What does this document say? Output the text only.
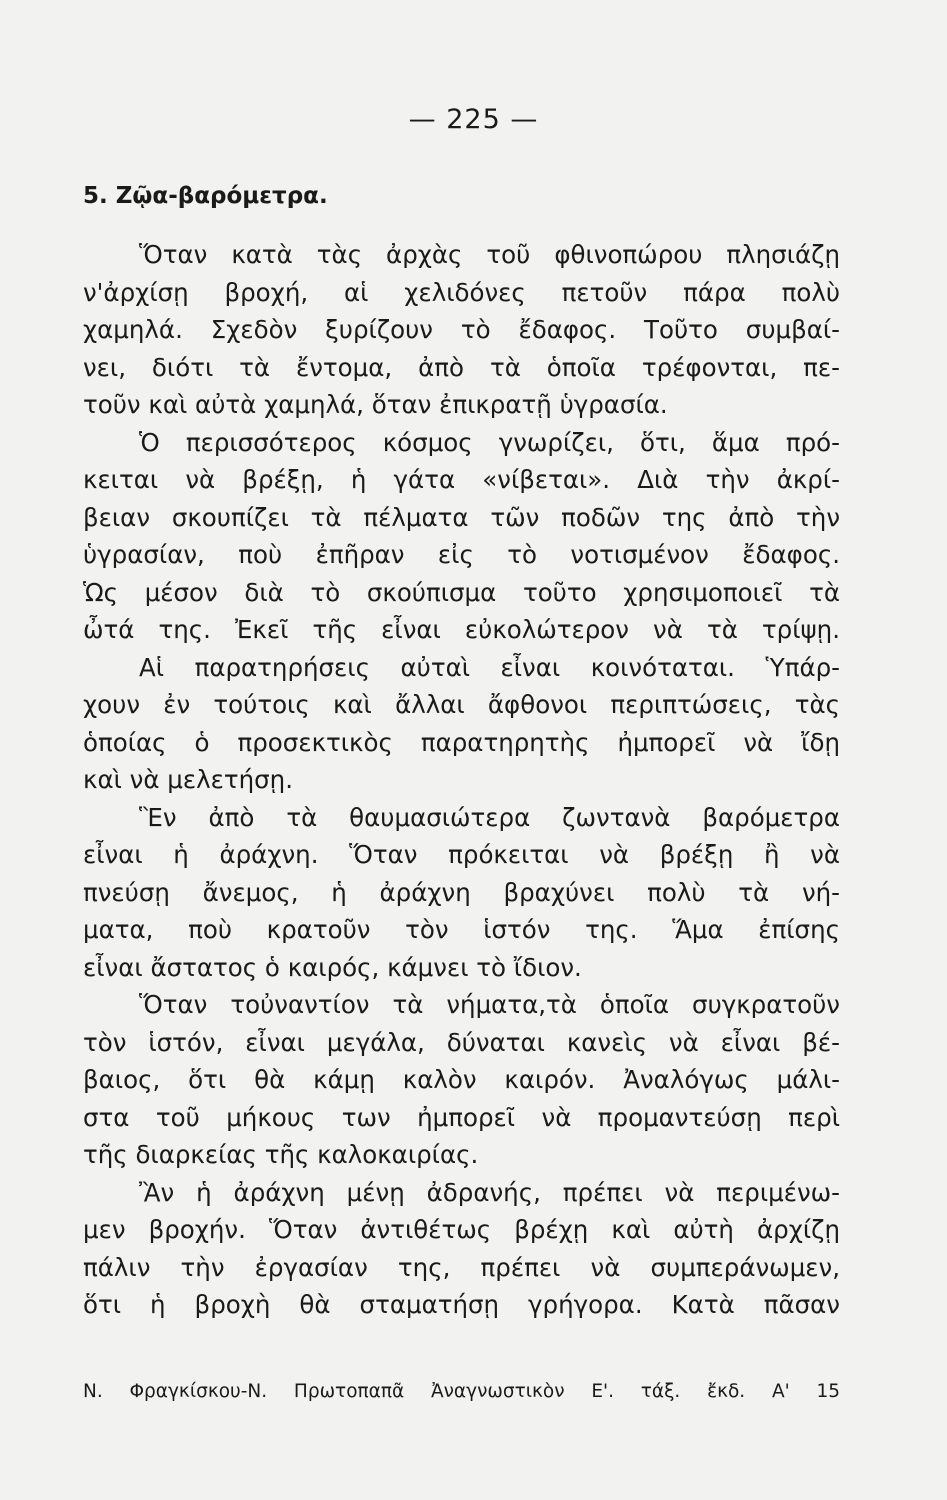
— 225 —
5. Ζῷα-βαρόμετρα.
Ὅταν κατὰ τὰς ἀρχὰς τοῦ φθινοπώρου πλησιάζῃ
ν'ἀρχίσῃ βροχή, αἱ χελιδόνες πετοῦν πάρα πολὺ
χαμηλά. Σχεδὸν ξυρίζουν τὸ ἔδαφος. Τοῦτο συμβαί-
νει, διότι τὰ ἔντομα, ἀπὸ τὰ ὁποῖα τρέφονται, πε-
τοῦν καὶ αὐτὰ χαμηλά, ὅταν ἐπικρατῇ ὑγρασία.
Ὁ περισσότερος κόσμος γνωρίζει, ὅτι, ἅμα πρό-
κειται νὰ βρέξῃ, ἡ γάτα «νίβεται». Διὰ τὴν ἀκρί-
βειαν σκουπίζει τὰ πέλματα τῶν ποδῶν της ἀπὸ τὴν
ὑγρασίαν, ποὺ ἐπῆραν εἰς τὸ νοτισμένον ἔδαφος.
Ὡς μέσον διὰ τὸ σκούπισμα τοῦτο χρησιμοποιεῖ τὰ
ὦτά της. Ἐκεῖ τῆς εἶναι εὐκολώτερον νὰ τὰ τρίψῃ.
Αἱ παρατηρήσεις αὐταὶ εἶναι κοινόταται. Ὑπάρ-
χουν ἐν τούτοις καὶ ἄλλαι ἄφθονοι περιπτώσεις, τὰς
ὁποίας ὁ προσεκτικὸς παρατηρητὴς ἠμπορεῖ νὰ ἴδῃ
καὶ νὰ μελετήσῃ.
Ἓν ἀπὸ τὰ θαυμασιώτερα ζωντανὰ βαρόμετρα
εἶναι ἡ ἀράχνη. Ὅταν πρόκειται νὰ βρέξῃ ἢ νὰ
πνεύσῃ ἄνεμος, ἡ ἀράχνη βραχύνει πολὺ τὰ νή-
ματα, ποὺ κρατοῦν τὸν ἱστόν της. Ἅμα ἐπίσης
εἶναι ἄστατος ὁ καιρός, κάμνει τὸ ἴδιον.
Ὅταν τοὐναντίον τὰ νήματα,τὰ ὁποῖα συγκρατοῦν
τὸν ἱστόν, εἶναι μεγάλα, δύναται κανεὶς νὰ εἶναι βέ-
βαιος, ὅτι θὰ κάμῃ καλὸν καιρόν. Ἀναλόγως μάλι-
στα τοῦ μήκους των ἠμπορεῖ νὰ προμαντεύσῃ περὶ
τῆς διαρκείας τῆς καλοκαιρίας.
Ἂν ἡ ἀράχνη μένῃ ἀδρανής, πρέπει νὰ περιμένω-
μεν βροχήν. Ὅταν ἀντιθέτως βρέχῃ καὶ αὐτὴ ἀρχίζῃ
πάλιν τὴν ἐργασίαν της, πρέπει νὰ συμπεράνωμεν,
ὅτι ἡ βροχὴ θὰ σταματήσῃ γρήγορα. Κατὰ πᾶσαν
Ν. Φραγκίσκου-Ν. Πρωτοπαπᾶ Ἀναγνωστικὸν Ε'. τάξ. ἔκδ. Α' 15
